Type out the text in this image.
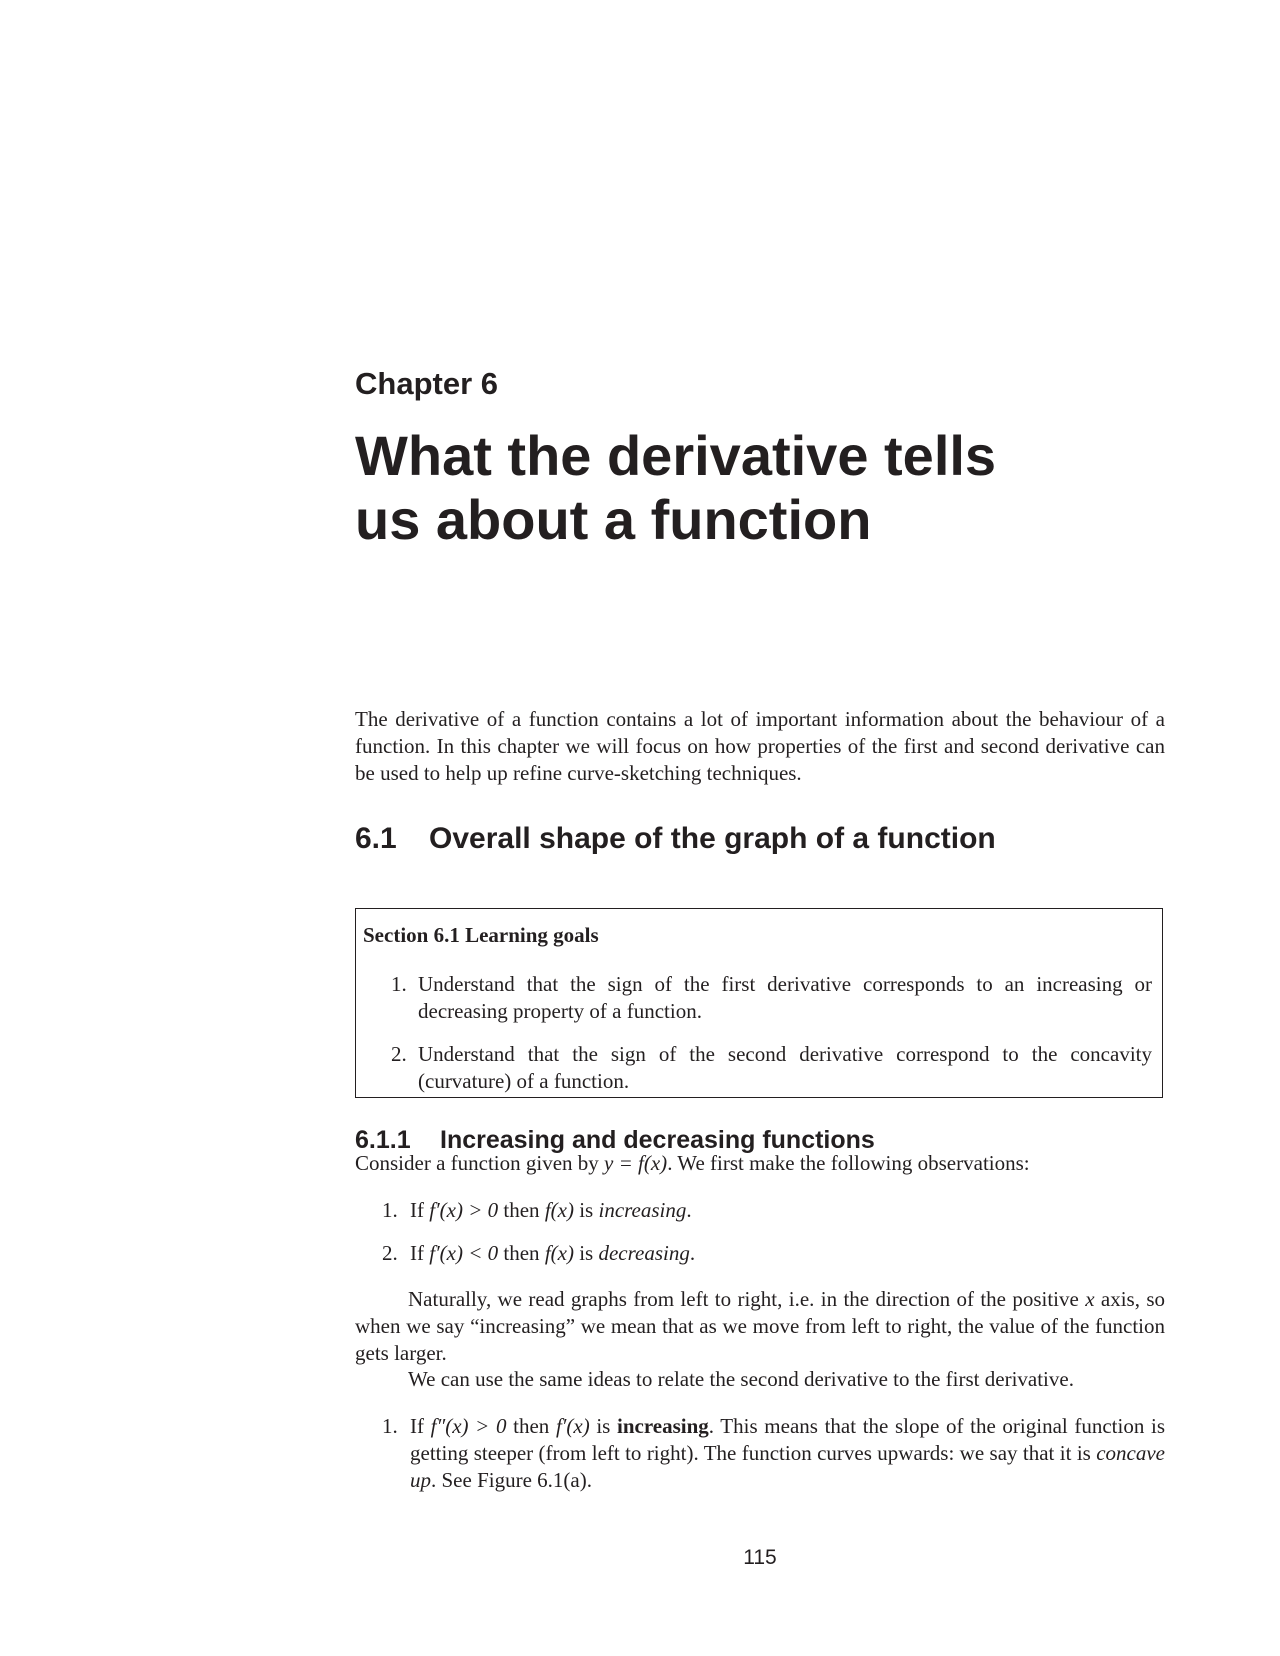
Chapter 6
What the derivative tells
us about a function

The derivative of a function contains a lot of important information about the behaviour of a function. In this chapter we will focus on how properties of the first and second derivative can be used to help up refine curve-sketching techniques.

6.1 Overall shape of the graph of a function
Section 6.1 Learning goals
1. Understand that the sign of the first derivative corresponds to an increasing or decreasing property of a function.
2. Understand that the sign of the second derivative correspond to the concavity (curvature) of a function.
6.1.1 Increasing and decreasing functions

Consider a function given by y = f(x). We first make the following observations:

1. If f′(x) > 0 then f(x) is increasing.
2. If f′(x) < 0 then f(x) is decreasing.

Naturally, we read graphs from left to right, i.e. in the direction of the positive x axis, so when we say “increasing” we mean that as we move from left to right, the value of the function gets larger.

We can use the same ideas to relate the second derivative to the first derivative.

1. If f″(x) > 0 then f′(x) is increasing. This means that the slope of the original function is getting steeper (from left to right). The function curves upwards: we say that it is concave up. See Figure 6.1(a).
115
